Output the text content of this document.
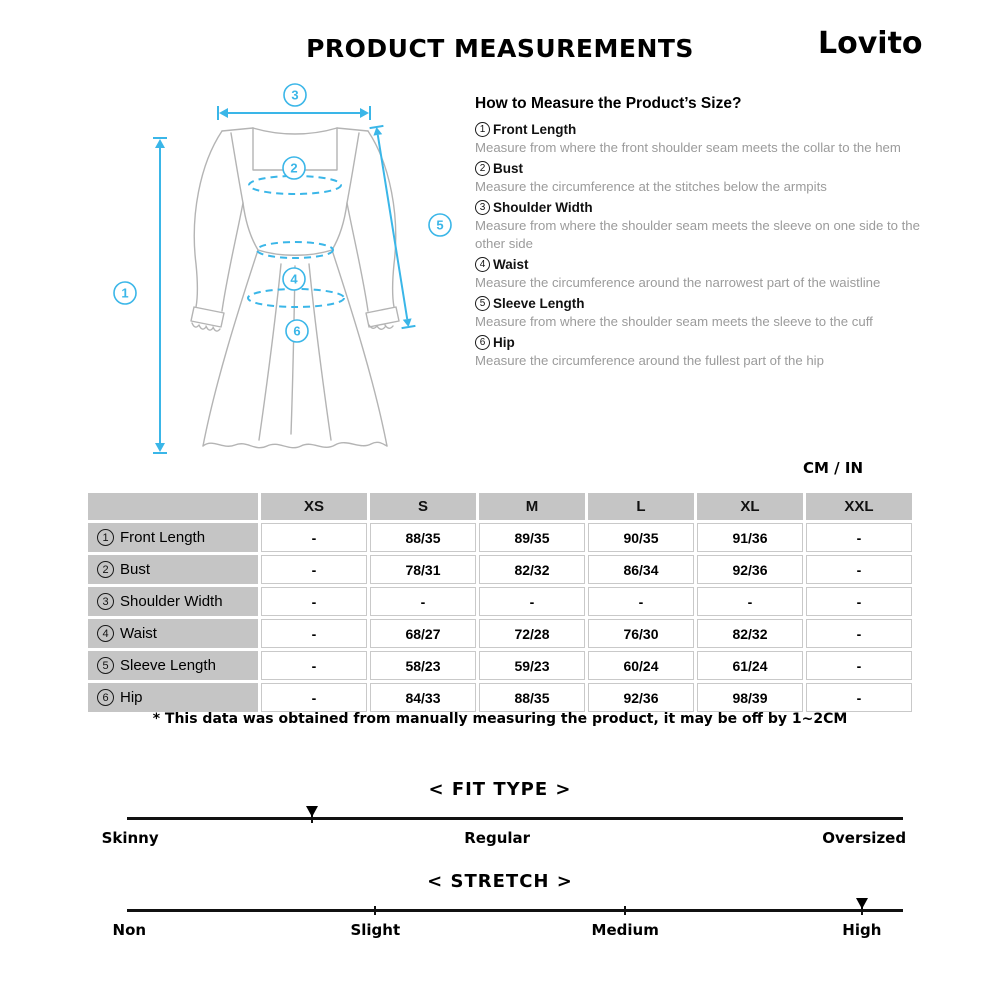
PRODUCT MEASUREMENTS	Lovito
1
2
3
4
5
6
How to Measure the Product’s Size?
1 Front Length

Measure from where the front shoulder seam meets the collar to the hem

2 Bust

Measure the circumference at the stitches below the armpits

3 Shoulder Width

Measure from where the shoulder seam meets the sleeve on one side to the other side

4 Waist

Measure the circumference around the narrowest part of the waistline

5 Sleeve Length

Measure from where the shoulder seam meets the sleeve to the cuff

6 Hip

Measure the circumference around the fullest part of the hip

CM / IN
	XS	S	M	L	XL	XXL

1 Front Length	-	88/35	89/35	90/35	91/36	-

2 Bust	-	78/31	82/32	86/34	92/36	-

3 Shoulder Width	-	-	-	-	-	-

4 Waist	-	68/27	72/28	76/30	82/32	-

5 Sleeve Length	-	58/23	59/23	60/24	61/24	-

6 Hip	-	84/33	88/35	92/36	98/39	-

* This data was obtained from manually measuring the product, it may be off by 1~2CM

< FIT TYPE >
Skinny	Regular	Oversized
< STRETCH >
Non	Slight	Medium	High
